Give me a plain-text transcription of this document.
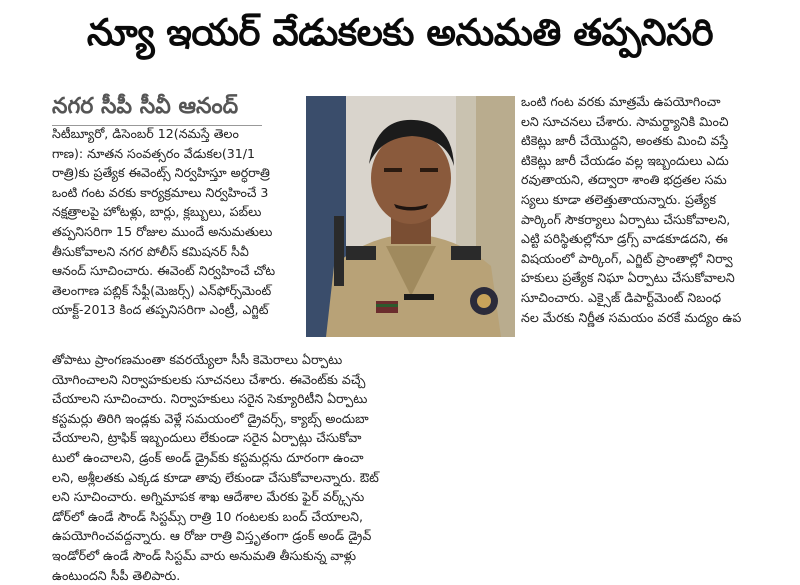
న్యూ ఇయర్ వేడుకలకు అనుమతి తప్పనిసరి
నగర సీపీ సీవీ ఆనంద్

సిటీబ్యూరో, డిసెంబర్ 12(నమస్తే తెలం

గాణ): నూతన సంవత్సరం వేడుకల(31/1

రాత్రి)కు ప్రత్యేక ఈవెంట్స్ నిర్వహిస్తూ అర్ధరాత్రి

ఒంటి గంట వరకు కార్యక్రమాలు నిర్వహించే 3

నక్షత్రాలపై హోటళ్లు, బార్లు, క్లబ్బులు, పబ్‌లు

తప్పనిసరిగా 15 రోజుల ముందే అనుమతులు

తీసుకోవాలని నగర పోలీస్ కమిషనర్ సీవీ

ఆనంద్ సూచించారు. ఈవెంట్ నిర్వహించే చోట

తెలంగాణ పబ్లిక్ సేఫ్టీ(మెజర్స్) ఎన్‌ఫోర్స్‌మెంట్

యాక్ట్-2013 కింద తప్పనిసరిగా ఎంట్రీ, ఎగ్జిట్

ఒంటి గంట వరకు మాత్రమే ఉపయోగించా

లని సూచనలు చేశారు. సామర్థ్యానికి మించి

టికెట్లు జారీ చేయొద్దని, అంతకు మించి వస్తే

టికెట్లు జారీ చేయడం వల్ల ఇబ్బందులు ఎదు

రవుతాయని, తద్వారా శాంతి భద్రతల సమ

స్యలు కూడా తలెత్తుతాయన్నారు. ప్రత్యేక

పార్కింగ్ సౌకర్యాలు ఏర్పాటు చేసుకోవాలని,

ఎట్టి పరిస్థితుల్లోనూ డ్రగ్స్ వాడకూడదని, ఈ

విషయంలో పార్కింగ్, ఎగ్జిట్ ప్రాంతాల్లో నిర్వా

హకులు ప్రత్యేక నిఘా ఏర్పాటు చేసుకోవాలని

సూచించారు. ఎక్సైజ్ డిపార్ట్‌మెంట్ నిబంధ

నల మేరకు నిర్ణీత సమయం వరకే మద్యం ఉప

తోపాటు ప్రాంగణమంతా కవరయ్యేలా సీసీ కెమెరాలు ఏర్పాటు

యోగించాలని నిర్వాహకులకు సూచనలు చేశారు. ఈవెంట్‌కు వచ్చే

చేయాలని సూచించారు. నిర్వాహకులు సరైన సెక్యూరిటీని ఏర్పాటు

కస్టమర్లు తిరిగి ఇండ్లకు వెళ్లే సమయంలో డ్రైవర్స్, క్యాబ్స్ అందుబా

చేయాలని, ట్రాఫిక్ ఇబ్బందులు లేకుండా సరైన ఏర్పాట్లు చేసుకోవా

టులో ఉంచాలని, డ్రంక్ అండ్ డ్రైవ్‌కు కస్టమర్లను దూరంగా ఉంచా

లని, అశ్లీలతకు ఎక్కడ కూడా తావు లేకుండా చేసుకోవాలన్నారు. ఔట్

లని సూచించారు. అగ్నిమాపక శాఖ ఆదేశాల మేరకు ఫైర్ వర్క్స్‌ను

డోర్‌లో ఉండే సౌండ్ సిస్టమ్స్ రాత్రి 10 గంటలకు బంద్ చేయాలని,

ఉపయోగించవద్దన్నారు. ఆ రోజు రాత్రి విస్తృతంగా డ్రంక్ అండ్ డ్రైవ్

ఇండోర్‌లో ఉండే సౌండ్ సిస్టమ్ వారు అనుమతి తీసుకున్న వాళ్లు

ఉంటుందని సీపీ తెలిపారు.
